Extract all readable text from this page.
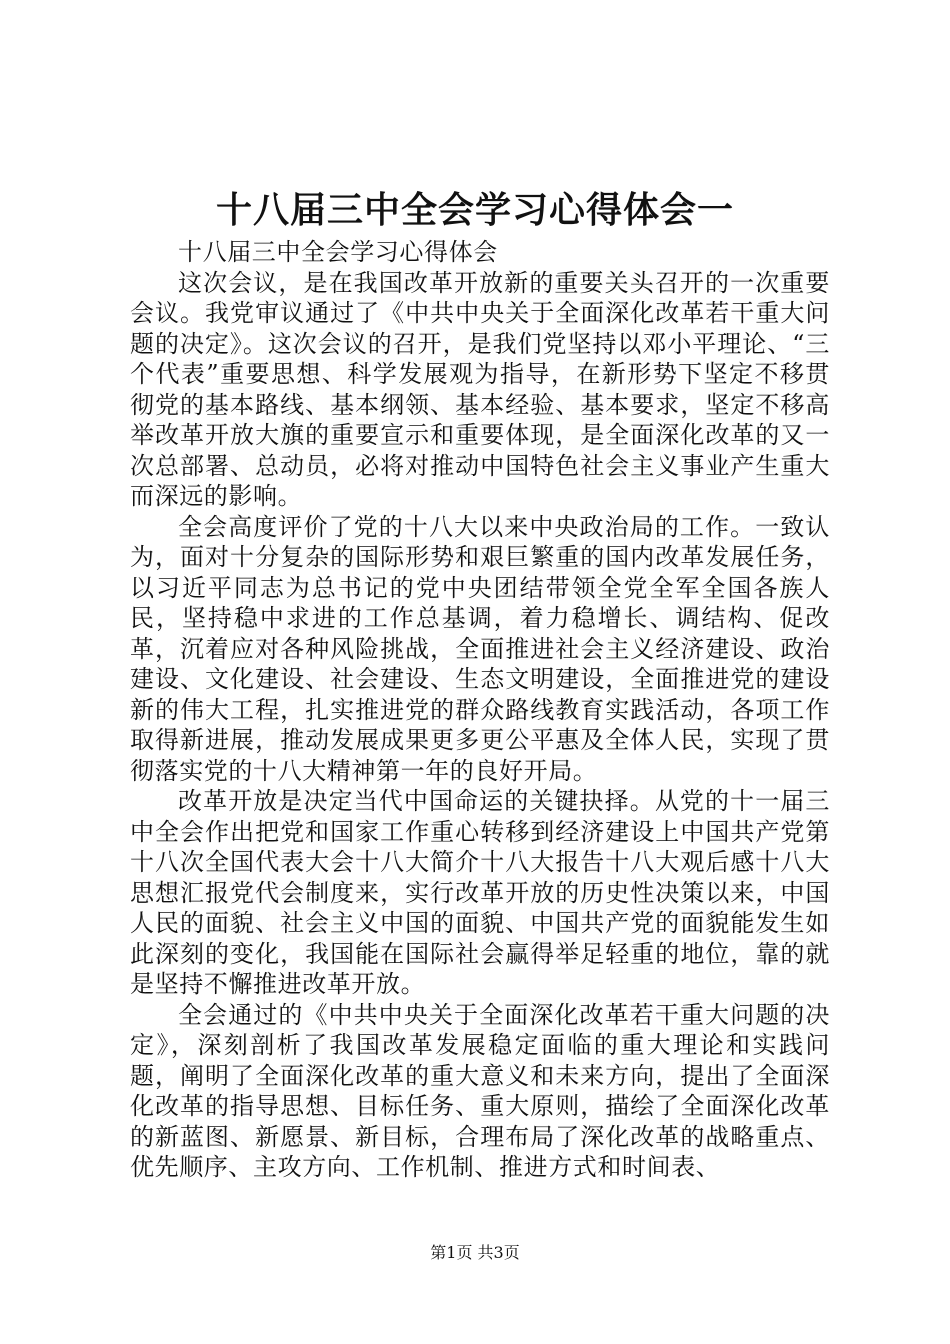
十八届三中全会学习心得体会一

十八届三中全会学习心得体会

这次会议，是在我国改革开放新的重要关头召开的一次重要会议。我党审议通过了《中共中央关于全面深化改革若干重大问题的决定》。这次会议的召开，是我们党坚持以邓小平理论、“三个代表”重要思想、科学发展观为指导，在新形势下坚定不移贯彻党的基本路线、基本纲领、基本经验、基本要求，坚定不移高举改革开放大旗的重要宣示和重要体现，是全面深化改革的又一次总部署、总动员，必将对推动中国特色社会主义事业产生重大而深远的影响。

全会高度评价了党的十八大以来中央政治局的工作。一致认为，面对十分复杂的国际形势和艰巨繁重的国内改革发展任务，以习近平同志为总书记的党中央团结带领全党全军全国各族人民，坚持稳中求进的工作总基调，着力稳增长、调结构、促改革，沉着应对各种风险挑战，全面推进社会主义经济建设、政治建设、文化建设、社会建设、生态文明建设，全面推进党的建设新的伟大工程，扎实推进党的群众路线教育实践活动，各项工作取得新进展，推动发展成果更多更公平惠及全体人民，实现了贯彻落实党的十八大精神第一年的良好开局。

改革开放是决定当代中国命运的关键抉择。从党的十一届三中全会作出把党和国家工作重心转移到经济建设上中国共产党第十八次全国代表大会十八大简介十八大报告十八大观后感十八大思想汇报党代会制度来，实行改革开放的历史性决策以来，中国人民的面貌、社会主义中国的面貌、中国共产党的面貌能发生如此深刻的变化，我国能在国际社会赢得举足轻重的地位，靠的就是坚持不懈推进改革开放。

全会通过的《中共中央关于全面深化改革若干重大问题的决定》，深刻剖析了我国改革发展稳定面临的重大理论和实践问题，阐明了全面深化改革的重大意义和未来方向，提出了全面深化改革的指导思想、目标任务、重大原则，描绘了全面深化改革的新蓝图、新愿景、新目标，合理布局了深化改革的战略重点、优先顺序、主攻方向、工作机制、推进方式和时间表、

第1页 共3页
